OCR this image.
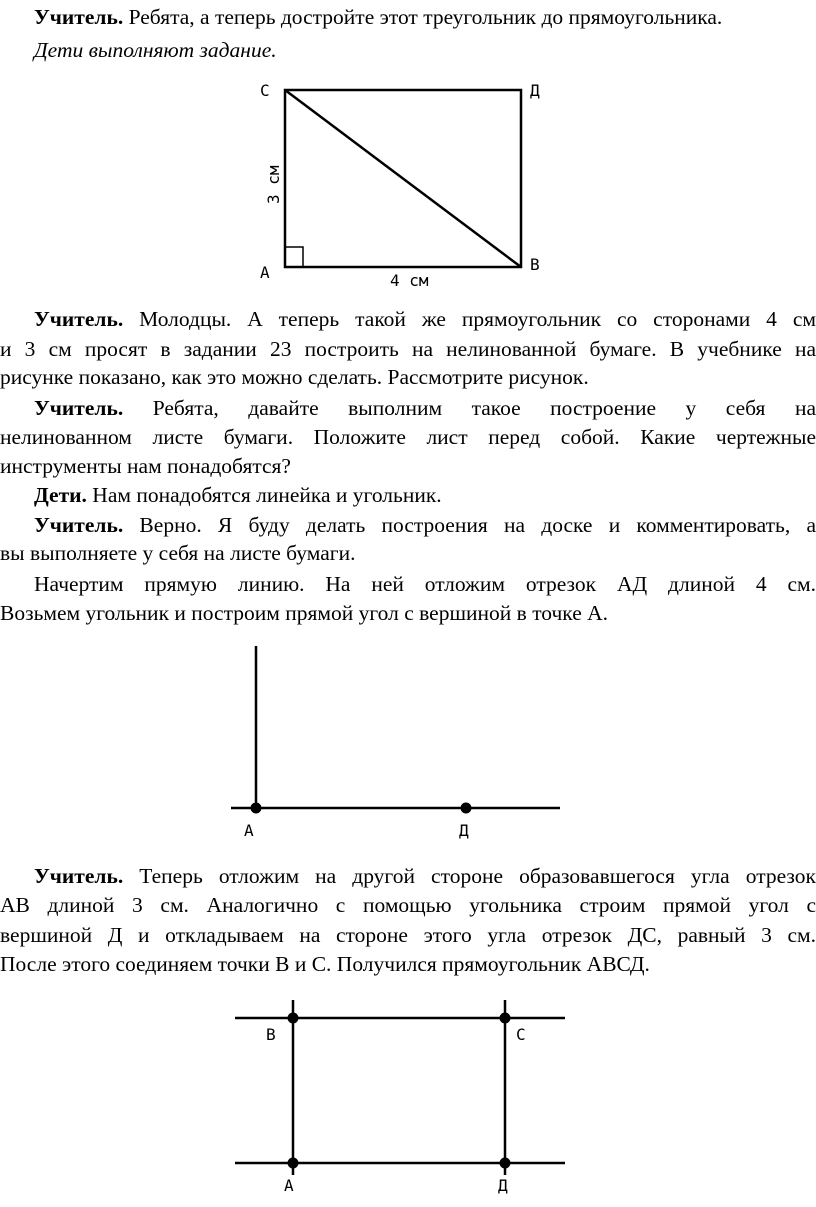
Учитель. Ребята, а теперь достройте этот треугольник до прямоугольника.
Дети выполняют задание.
С	Д
А	В
3 см
4 см
Учитель. Молодцы. А теперь такой же прямоугольник со сторонами 4 см
и 3 см просят в задании 23 построить на нелинованной бумаге. В учебнике на
рисунке показано, как это можно сделать. Рассмотрите рисунок.
Учитель. Ребята, давайте выполним такое построение у себя на
нелинованном листе бумаги. Положите лист перед собой. Какие чертежные
инструменты нам понадобятся?
Дети. Нам понадобятся линейка и угольник.
Учитель. Верно. Я буду делать построения на доске и комментировать, а
вы выполняете у себя на листе бумаги.
Начертим прямую линию. На ней отложим отрезок АД длиной 4 см.
Возьмем угольник и построим прямой угол с вершиной в точке А.
А	Д
Учитель. Теперь отложим на другой стороне образовавшегося угла отрезок
АВ длиной 3 см. Аналогично с помощью угольника строим прямой угол с
вершиной Д и откладываем на стороне этого угла отрезок ДС, равный 3 см.
После этого соединяем точки В и С. Получился прямоугольник АВСД.
В	С
А	Д
